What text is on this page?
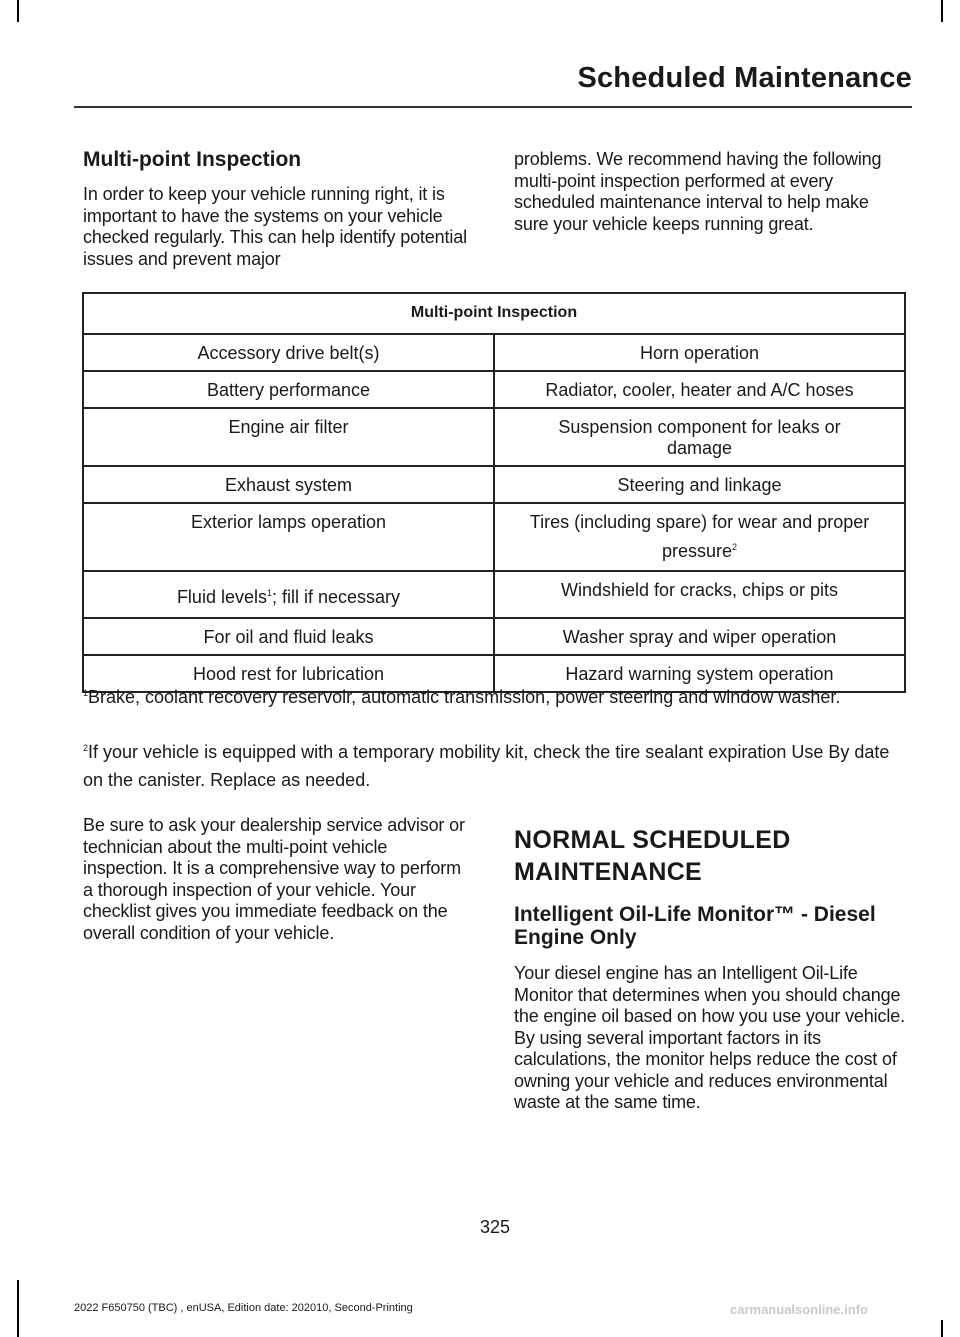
Scheduled Maintenance
Multi-point Inspection

In order to keep your vehicle running right, it is important to have the systems on your vehicle checked regularly. This can help identify potential issues and prevent major

problems. We recommend having the following multi-point inspection performed at every scheduled maintenance interval to help make sure your vehicle keeps running great.

Multi-point Inspection	
Accessory drive belt(s)	Horn operation
Battery performance	Radiator, cooler, heater and A/C hoses
Engine air filter	Suspension component for leaks or damage
Exhaust system	Steering and linkage
Exterior lamps operation	Tires (including spare) for wear and proper pressure$^2$
Fluid levels$^1$; fill if necessary	Windshield for cracks, chips or pits
For oil and fluid leaks	Washer spray and wiper operation
Hood rest for lubrication	Hazard warning system operation
$^1$Brake, coolant recovery reservoir, automatic transmission, power steering and window washer.
$^2$If your vehicle is equipped with a temporary mobility kit, check the tire sealant expiration Use By date on the canister. Replace as needed.

Be sure to ask your dealership service advisor or technician about the multi-point vehicle inspection. It is a comprehensive way to perform a thorough inspection of your vehicle. Your checklist gives you immediate feedback on the overall condition of your vehicle.

NORMAL SCHEDULED
MAINTENANCE
Intelligent Oil-Life Monitor™ - Diesel Engine Only

Your diesel engine has an Intelligent Oil-Life Monitor that determines when you should change the engine oil based on how you use your vehicle. By using several important factors in its calculations, the monitor helps reduce the cost of owning your vehicle and reduces environmental waste at the same time.

325
2022 F650750 (TBC) , enUSA, Edition date: 202010, Second-Printing	carmanualsonline.info
